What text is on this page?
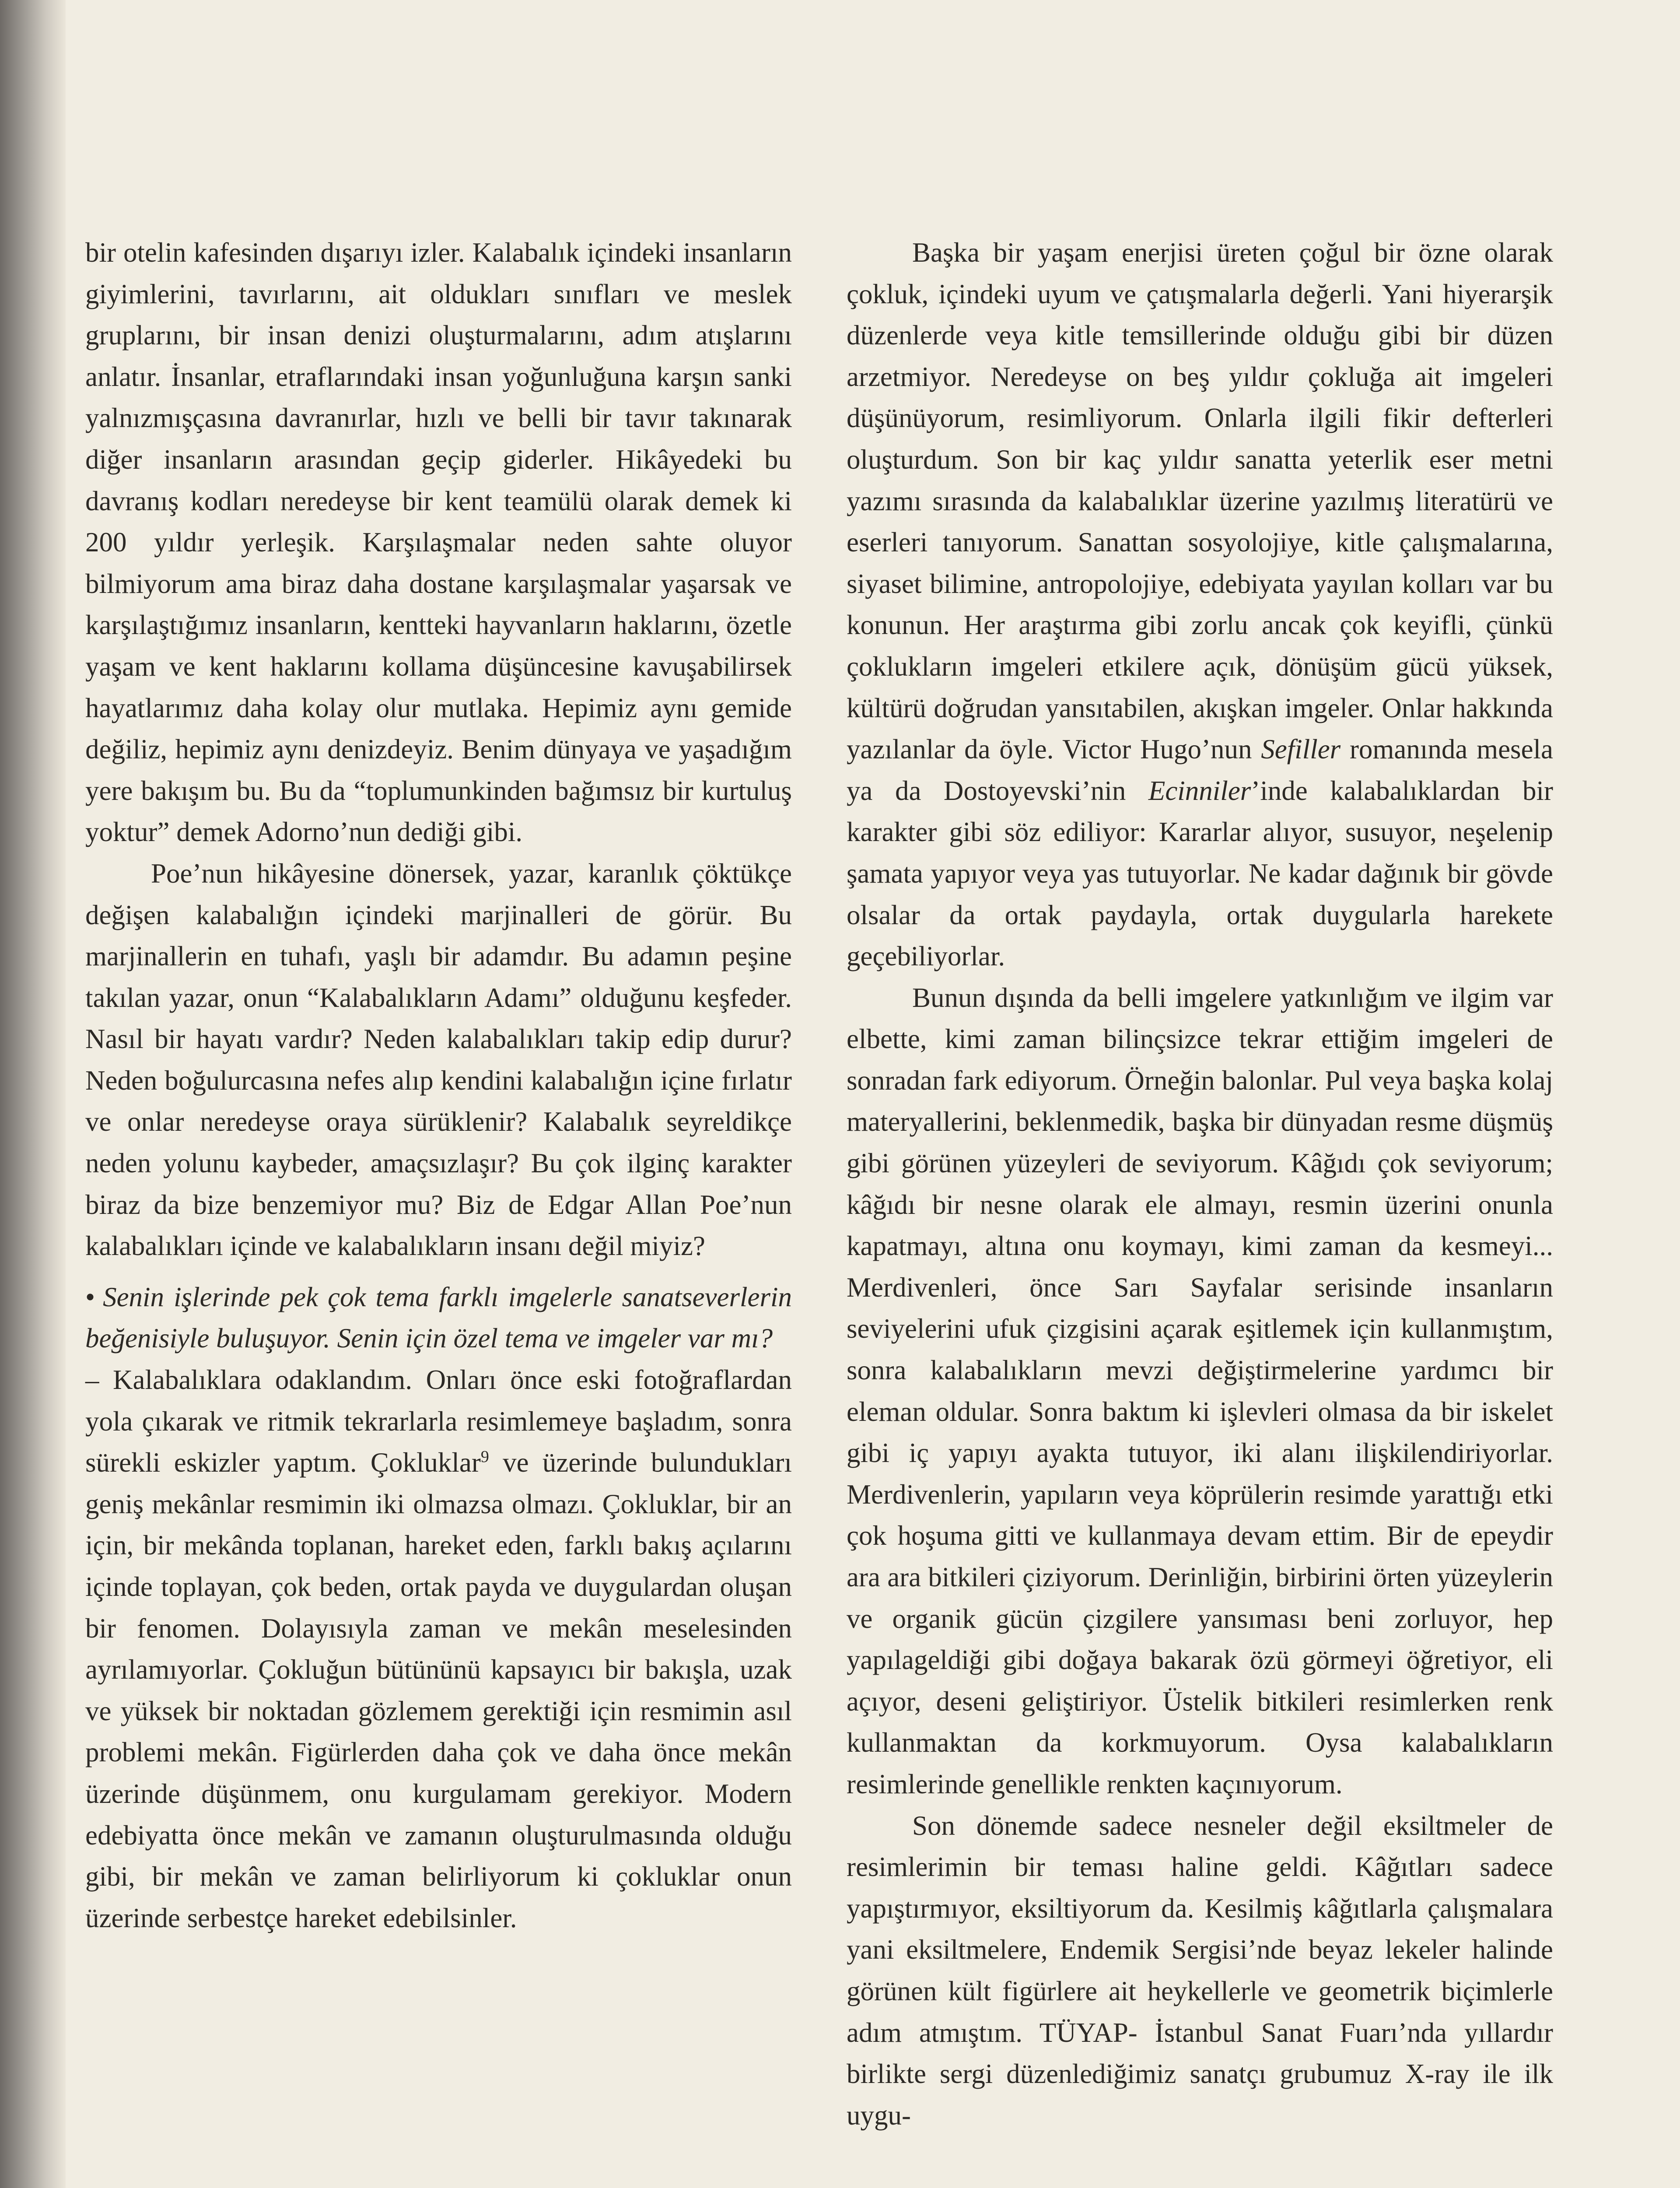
bir otelin kafesinden dışarıyı izler. Kalabalık içindeki insanların giyimlerini, tavırlarını, ait oldukları sınıfları ve meslek gruplarını, bir insan denizi oluşturmalarını, adım atışlarını anlatır. İnsanlar, etraflarındaki insan yoğunluğuna karşın sanki yalnızmışçasına davranırlar, hızlı ve belli bir tavır takınarak diğer insanların arasından geçip giderler. Hikâyedeki bu davranış kodları neredeyse bir kent teamülü olarak demek ki 200 yıldır yerleşik. Karşılaşmalar neden sahte oluyor bilmiyorum ama biraz daha dostane karşılaşmalar yaşarsak ve karşılaştığımız insanların, kentteki hayvanların haklarını, özetle yaşam ve kent haklarını kollama düşüncesine kavuşabilirsek hayatlarımız daha kolay olur mutlaka. Hepimiz aynı gemide değiliz, hepimiz aynı denizdeyiz. Benim dünyaya ve yaşadığım yere bakışım bu. Bu da “toplumunkinden bağımsız bir kurtuluş yoktur” demek Adorno’nun dediği gibi.

Poe’nun hikâyesine dönersek, yazar, karanlık çöktükçe değişen kalabalığın içindeki marjinalleri de görür. Bu marjinallerin en tuhafı, yaşlı bir adamdır. Bu adamın peşine takılan yazar, onun “Kalabalıkların Adamı” olduğunu keşfeder. Nasıl bir hayatı vardır? Neden kalabalıkları takip edip durur? Neden boğulurcasına nefes alıp kendini kalabalığın içine fırlatır ve onlar neredeyse oraya sürüklenir? Kalabalık seyreldikçe neden yolunu kaybeder, amaçsızlaşır? Bu çok ilginç karakter biraz da bize benzemiyor mu? Biz de Edgar Allan Poe’nun kalabalıkları içinde ve kalabalıkların insanı değil miyiz?

• Senin işlerinde pek çok tema farklı imgelerle sanatseverlerin beğenisiyle buluşuyor. Senin için özel tema ve imgeler var mı?

– Kalabalıklara odaklandım. Onları önce eski fotoğraflardan yola çıkarak ve ritmik tekrarlarla resimlemeye başladım, sonra sürekli eskizler yaptım. Çokluklar$^9$ ve üzerinde bulundukları geniş mekânlar resmimin iki olmazsa olmazı. Çokluklar, bir an için, bir mekânda toplanan, hareket eden, farklı bakış açılarını içinde toplayan, çok beden, ortak payda ve duygulardan oluşan bir fenomen. Dolayısıyla zaman ve mekân meselesinden ayrılamıyorlar. Çokluğun bütününü kapsayıcı bir bakışla, uzak ve yüksek bir noktadan gözlemem gerektiği için resmimin asıl problemi mekân. Figürlerden daha çok ve daha önce mekân üzerinde düşünmem, onu kurgulamam gerekiyor. Modern edebiyatta önce mekân ve zamanın oluşturulmasında olduğu gibi, bir mekân ve zaman belirliyorum ki çokluklar onun üzerinde serbestçe hareket edebilsinler.

Başka bir yaşam enerjisi üreten çoğul bir özne olarak çokluk, içindeki uyum ve çatışmalarla değerli. Yani hiyerarşik düzenlerde veya kitle temsillerinde olduğu gibi bir düzen arzetmiyor. Neredeyse on beş yıldır çokluğa ait imgeleri düşünüyorum, resimliyorum. Onlarla ilgili fikir defterleri oluşturdum. Son bir kaç yıldır sanatta yeterlik eser metni yazımı sırasında da kalabalıklar üzerine yazılmış literatürü ve eserleri tanıyorum. Sanattan sosyolojiye, kitle çalışmalarına, siyaset bilimine, antropolojiye, edebiyata yayılan kolları var bu konunun. Her araştırma gibi zorlu ancak çok keyifli, çünkü çoklukların imgeleri etkilere açık, dönüşüm gücü yüksek, kültürü doğrudan yansıtabilen, akışkan imgeler. Onlar hakkında yazılanlar da öyle. Victor Hugo’nun Sefiller romanında mesela ya da Dostoyevski’nin Ecinniler’inde kalabalıklardan bir karakter gibi söz ediliyor: Kararlar alıyor, susuyor, neşelenip şamata yapıyor veya yas tutuyorlar. Ne kadar dağınık bir gövde olsalar da ortak paydayla, ortak duygularla harekete geçebiliyorlar.

Bunun dışında da belli imgelere yatkınlığım ve ilgim var elbette, kimi zaman bilinçsizce tekrar ettiğim imgeleri de sonradan fark ediyorum. Örneğin balonlar. Pul veya başka kolaj materyallerini, beklenmedik, başka bir dünyadan resme düşmüş gibi görünen yüzeyleri de seviyorum. Kâğıdı çok seviyorum; kâğıdı bir nesne olarak ele almayı, resmin üzerini onunla kapatmayı, altına onu koymayı, kimi zaman da kesmeyi... Merdivenleri, önce Sarı Sayfalar serisinde insanların seviyelerini ufuk çizgisini açarak eşitlemek için kullanmıştım, sonra kalabalıkların mevzi değiştirmelerine yardımcı bir eleman oldular. Sonra baktım ki işlevleri olmasa da bir iskelet gibi iç yapıyı ayakta tutuyor, iki alanı ilişkilendiriyorlar. Merdivenlerin, yapıların veya köprülerin resimde yarattığı etki çok hoşuma gitti ve kullanmaya devam ettim. Bir de epeydir ara ara bitkileri çiziyorum. Derinliğin, birbirini örten yüzeylerin ve organik gücün çizgilere yansıması beni zorluyor, hep yapılageldiği gibi doğaya bakarak özü görmeyi öğretiyor, eli açıyor, deseni geliştiriyor. Üstelik bitkileri resimlerken renk kullanmaktan da korkmuyorum. Oysa kalabalıkların resimlerinde genellikle renkten kaçınıyorum.

Son dönemde sadece nesneler değil eksiltmeler de resimlerimin bir teması haline geldi. Kâğıtları sadece yapıştırmıyor, eksiltiyorum da. Kesilmiş kâğıtlarla çalışmalara yani eksiltmelere, Endemik Sergisi’nde beyaz lekeler halinde görünen kült figürlere ait heykellerle ve geometrik biçimlerle adım atmıştım. TÜYAP- İstanbul Sanat Fuarı’nda yıllardır birlikte sergi düzenlediğimiz sanatçı grubumuz X-ray ile ilk uygu-
